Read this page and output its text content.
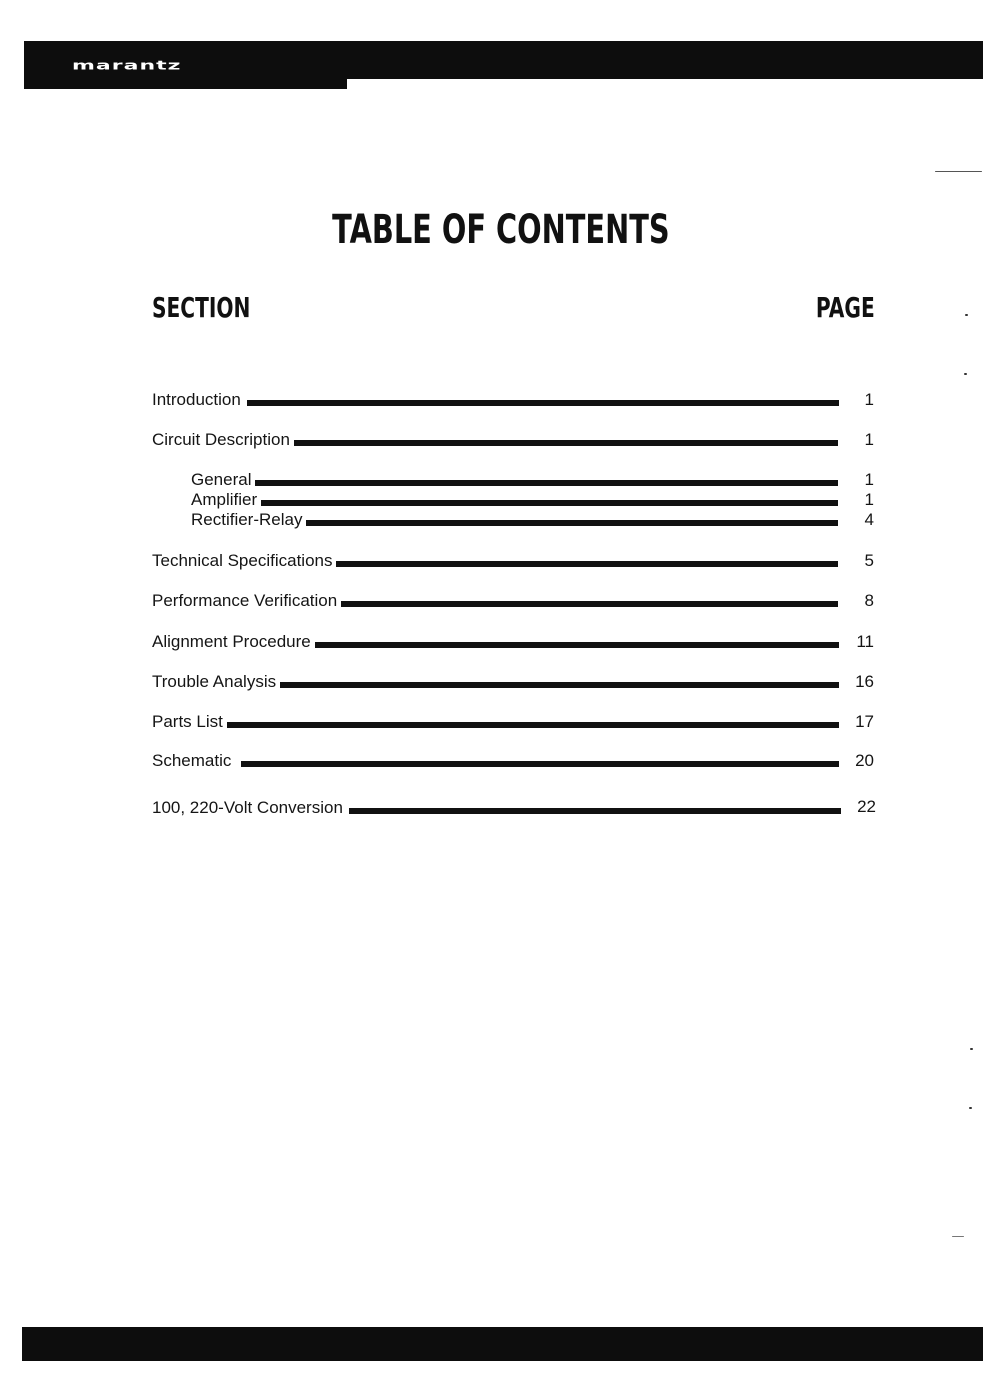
marantz
TABLE OF CONTENTS
SECTION	PAGE
Introduction	1
Circuit Description	1
General	1
Amplifier	1
Rectifier-Relay	4
Technical Specifications	5
Performance Verification	8
Alignment Procedure	11
Trouble Analysis	16
Parts List	17
Schematic	20
100, 220-Volt Conversion	22
